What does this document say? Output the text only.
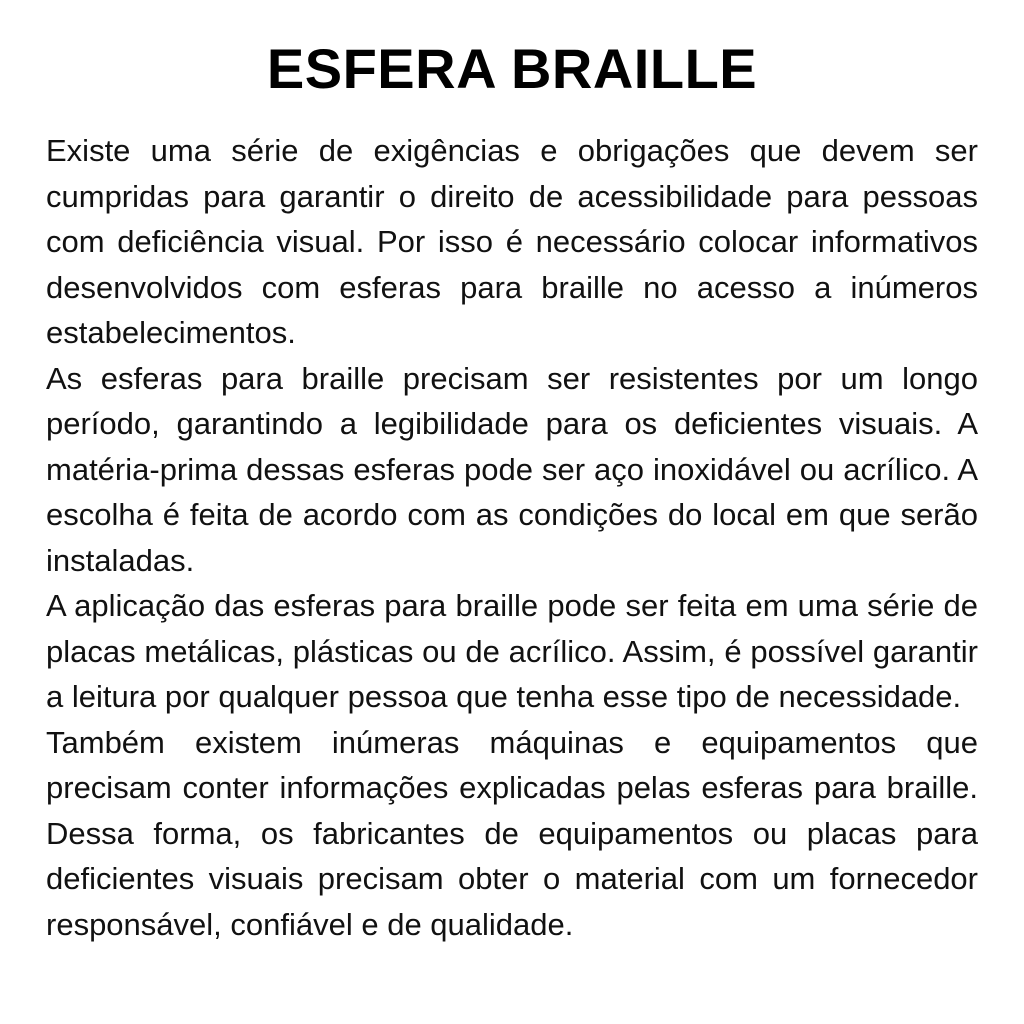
ESFERA BRAILLE

Existe uma série de exigências e obrigações que devem ser cumpridas para garantir o direito de acessibilidade para pessoas com deficiência visual. Por isso é necessário colocar informativos desenvolvidos com esferas para braille no acesso a inúmeros estabelecimentos.

As esferas para braille precisam ser resistentes por um longo período, garantindo a legibilidade para os deficientes visuais. A matéria-prima dessas esferas pode ser aço inoxidável ou acrílico. A escolha é feita de acordo com as condições do local em que serão instaladas.

A aplicação das esferas para braille pode ser feita em uma série de placas metálicas, plásticas ou de acrílico. Assim, é possível garantir a leitura por qualquer pessoa que tenha esse tipo de necessidade.

Também existem inúmeras máquinas e equipamentos que precisam conter informações explicadas pelas esferas para braille. Dessa forma, os fabricantes de equipamentos ou placas para deficientes visuais precisam obter o material com um fornecedor responsável, confiável e de qualidade.
